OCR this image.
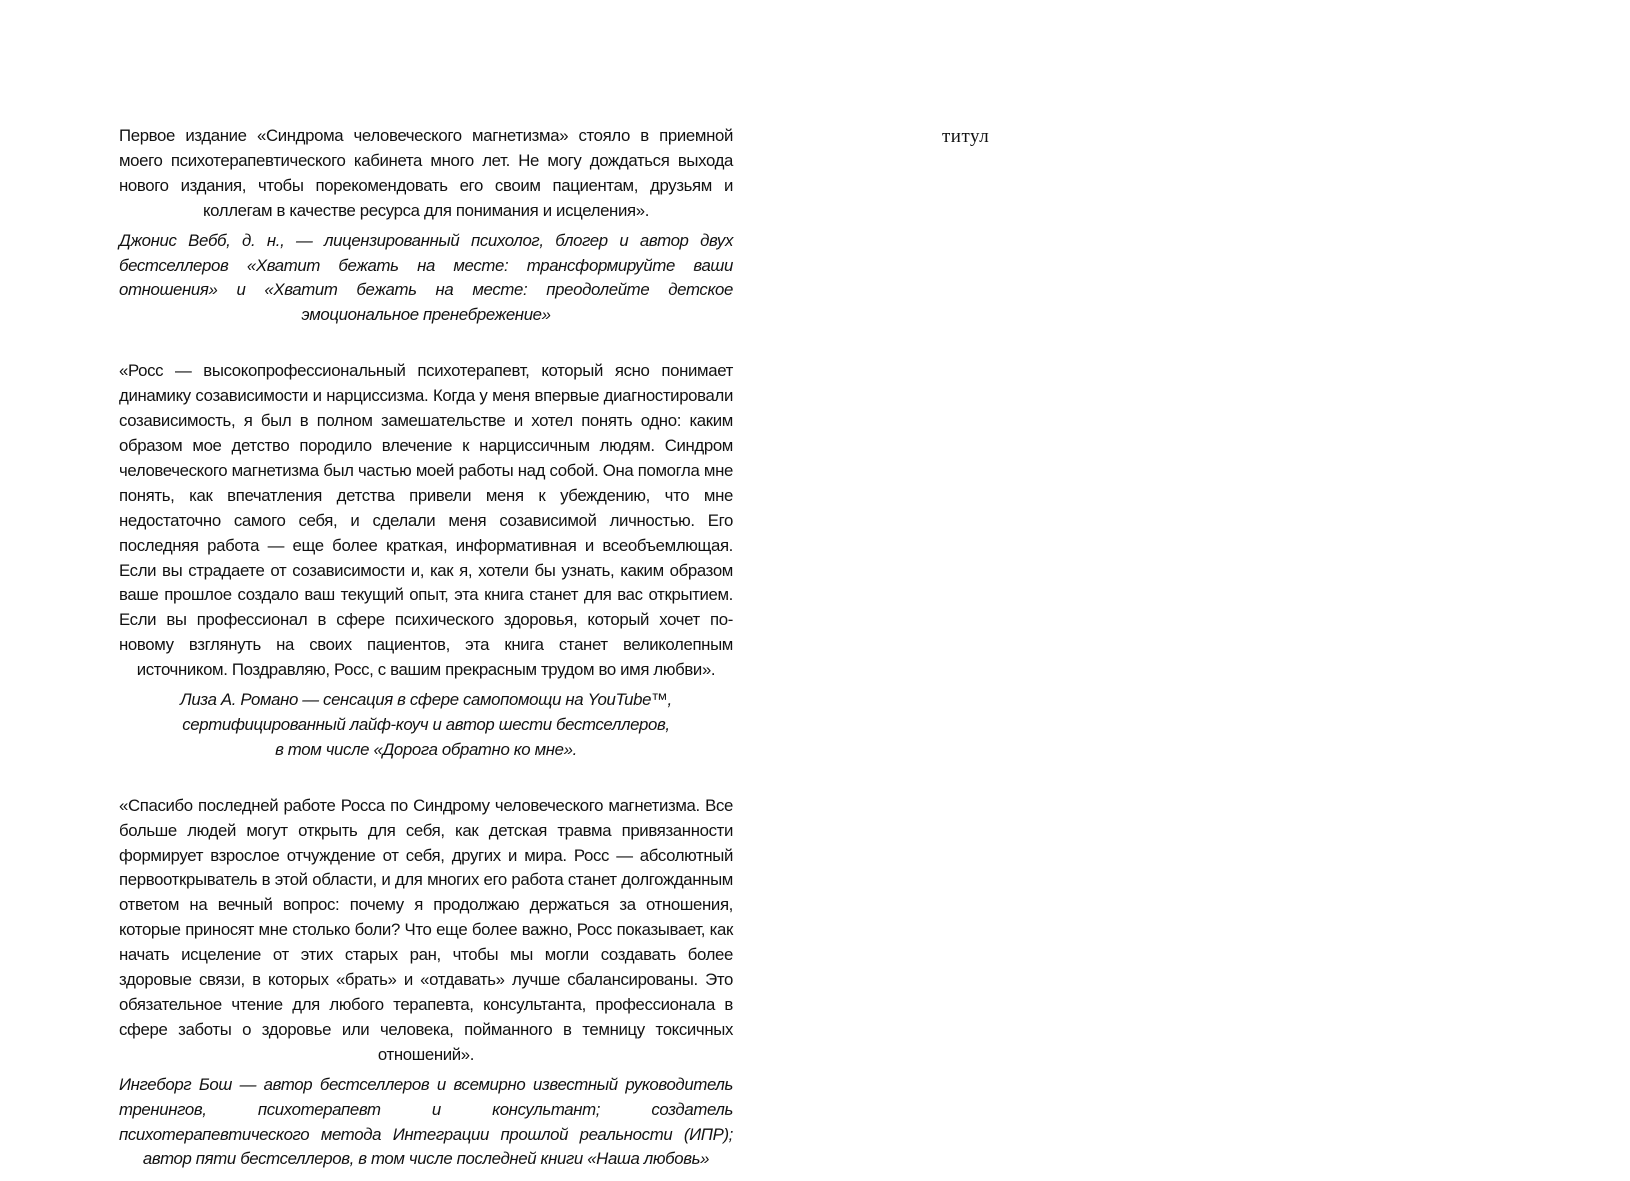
Первое издание «Синдрома человеческого магнетизма» стояло в приемной моего психотерапевтического кабинета много лет. Не могу дождаться выхода нового издания, чтобы порекомендовать его своим пациентам, друзьям и коллегам в качестве ресурса для понимания и исцеления».

Джонис Вебб, д. н., — лицензированный психолог, блогер и автор двух бестселлеров «Хватит бежать на месте: трансформируйте ваши отношения» и «Хватит бежать на месте: преодолейте детское эмоциональное пренебрежение»

«Росс — высокопрофессиональный психотерапевт, который ясно понимает динамику созависимости и нарциссизма. Когда у меня впервые диагностировали созависимость, я был в полном замешательстве и хотел понять одно: каким образом мое детство породило влечение к нарциссичным людям. Синдром человеческого магнетизма был частью моей работы над собой. Она помогла мне понять, как впечатления детства привели меня к убеждению, что мне недостаточно самого себя, и сделали меня созависимой личностью. Его последняя работа — еще более краткая, информативная и всеобъемлющая. Если вы страдаете от созависимости и, как я, хотели бы узнать, каким образом ваше прошлое создало ваш текущий опыт, эта книга станет для вас открытием. Если вы профессионал в сфере психического здоровья, который хочет по-новому взглянуть на своих пациентов, эта книга станет великолепным источником. Поздравляю, Росс, с вашим прекрасным трудом во имя любви».

Лиза А. Романо — сенсация в сфере самопомощи на YouTube™,
сертифицированный лайф-коуч и автор шести бестселлеров,
в том числе «Дорога обратно ко мне».

«Спасибо последней работе Росса по Синдрому человеческого магнетизма. Все больше людей могут открыть для себя, как детская травма привязанности формирует взрослое отчуждение от себя, других и мира. Росс — абсолютный первооткрыватель в этой области, и для многих его работа станет долгожданным ответом на вечный вопрос: почему я продолжаю держаться за отношения, которые приносят мне столько боли? Что еще более важно, Росс показывает, как начать исцеление от этих старых ран, чтобы мы могли создавать более здоровые связи, в которых «брать» и «отдавать» лучше сбалансированы. Это обязательное чтение для любого терапевта, консультанта, профессионала в сфере заботы о здоровье или человека, пойманного в темницу токсичных отношений».

Ингеборг Бош — автор бестселлеров и всемирно известный руководитель тренингов, психотерапевт и консультант; создатель психотерапевтического метода Интеграции прошлой реальности (ИПР); автор пяти бестселлеров, в том числе последней книги «Наша любовь»

титул
